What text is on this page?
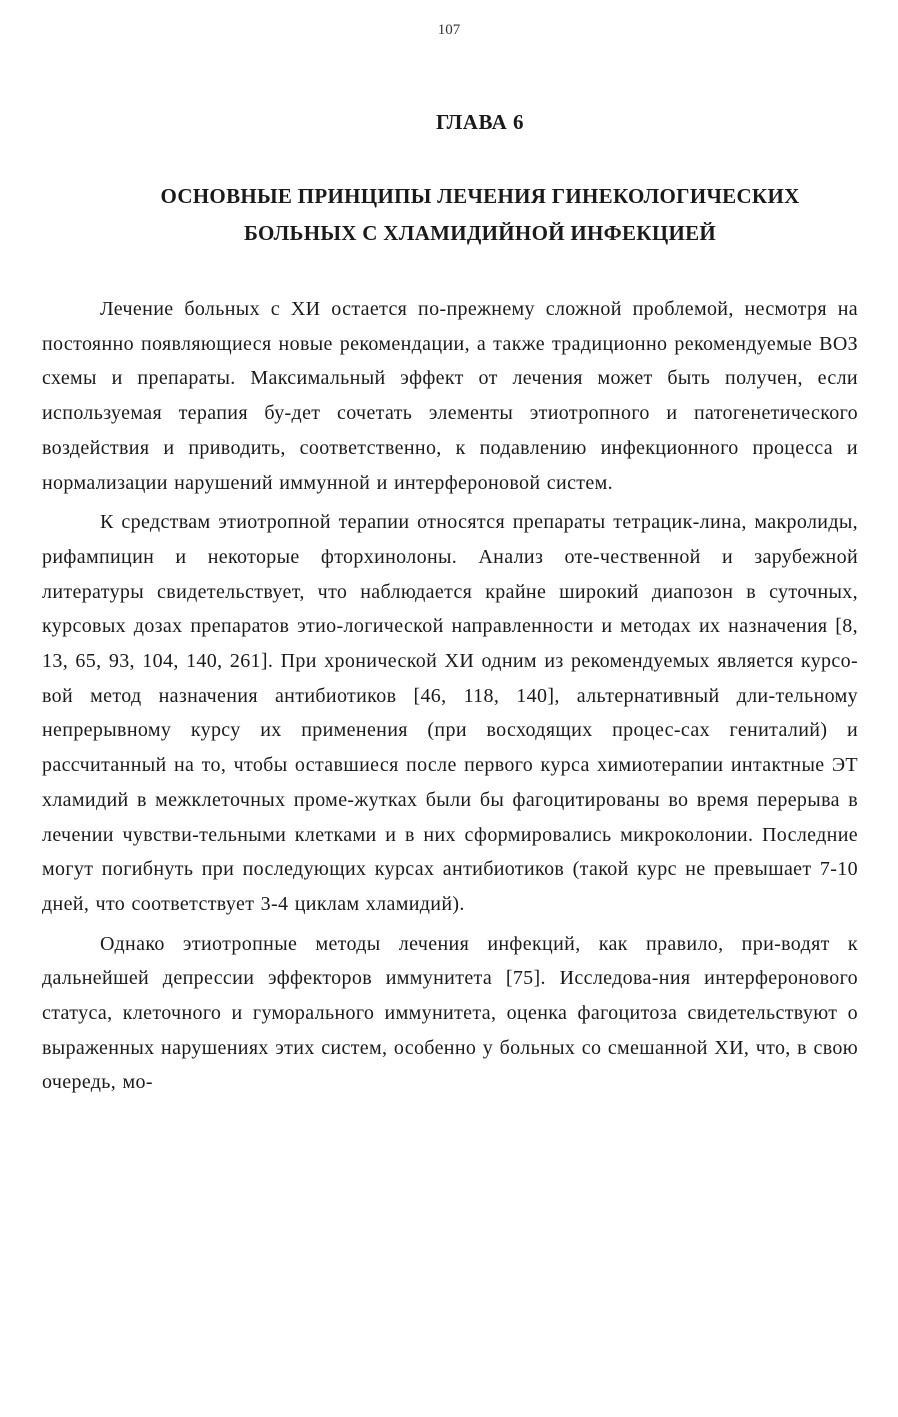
107
ГЛАВА 6
ОСНОВНЫЕ ПРИНЦИПЫ ЛЕЧЕНИЯ ГИНЕКОЛОГИЧЕСКИХ
БОЛЬНЫХ С ХЛАМИДИЙНОЙ ИНФЕКЦИЕЙ

Лечение больных с ХИ остается по-прежнему сложной проблемой, несмотря на постоянно появляющиеся новые рекомендации, а также традиционно рекомендуемые ВОЗ схемы и препараты. Максимальный эффект от лечения может быть получен, если используемая терапия бу-дет сочетать элементы этиотропного и патогенетического воздействия и приводить, соответственно, к подавлению инфекционного процесса и нормализации нарушений иммунной и интерфероновой систем.

К средствам этиотропной терапии относятся препараты тетрацик-лина, макролиды, рифампицин и некоторые фторхинолоны. Анализ оте-чественной и зарубежной литературы свидетельствует, что наблюдается крайне широкий диапозон в суточных, курсовых дозах препаратов этио-логической направленности и методах их назначения [8, 13, 65, 93, 104, 140, 261]. При хронической ХИ одним из рекомендуемых является курсо-вой метод назначения антибиотиков [46, 118, 140], альтернативный дли-тельному непрерывному курсу их применения (при восходящих процес-сах гениталий) и рассчитанный на то, чтобы оставшиеся после первого курса химиотерапии интактные ЭТ хламидий в межклеточных проме-жутках были бы фагоцитированы во время перерыва в лечении чувстви-тельными клетками и в них сформировались микроколонии. Последние могут погибнуть при последующих курсах антибиотиков (такой курс не превышает 7-10 дней, что соответствует 3-4 циклам хламидий).

Однако этиотропные методы лечения инфекций, как правило, при-водят к дальнейшей депрессии эффекторов иммунитета [75]. Исследова-ния интерферонового статуса, клеточного и гуморального иммунитета, оценка фагоцитоза свидетельствуют о выраженных нарушениях этих систем, особенно у больных со смешанной ХИ, что, в свою очередь, мо-
